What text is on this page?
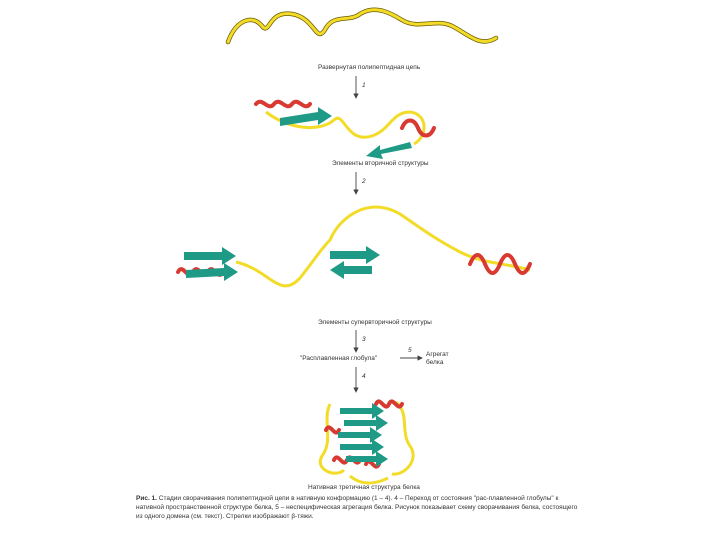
Развернутая полипептидная цепь
1
Элементы вторичной структуры
2
Элементы супервторичной структуры
3
"Расплавленная глобула"
5
Агрегат
белка
4
Нативная третичная структура белка
Рис. 1. Стадии сворачивания полипептидной цепи в нативную конформацию (1 – 4). 4 – Переход от состояния "рас-плавленной глобулы" к нативной пространственной структуре белка, 5 – неспецифическая агрегация белка. Рисунок показывает схему сворачивания белка, состоящего из одного домена (см. текст). Стрелки изображают β-тяжи.
